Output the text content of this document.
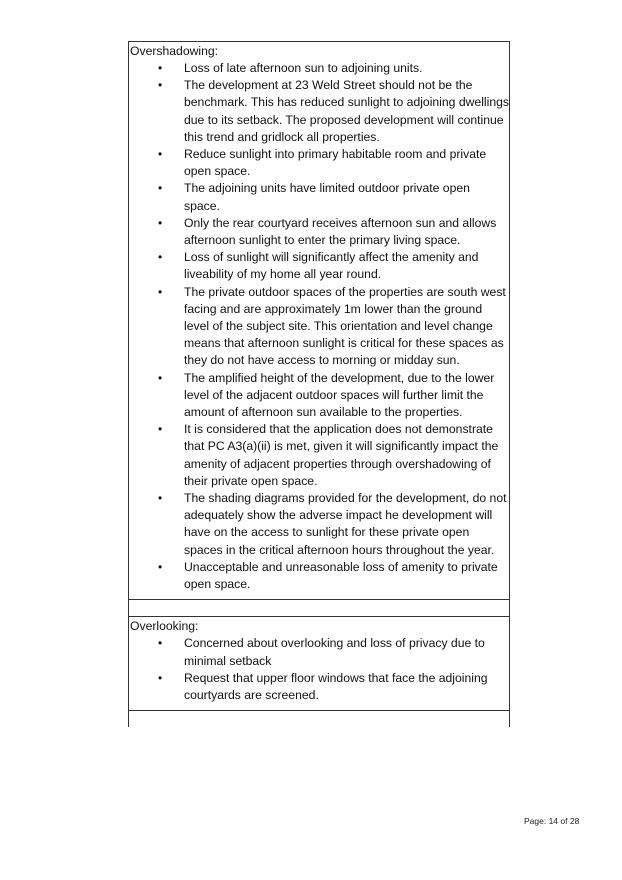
Overshadowing:
• Loss of late afternoon sun to adjoining units.
• The development at 23 Weld Street should not be the benchmark. This has reduced sunlight to adjoining dwellings due to its setback. The proposed development will continue this trend and gridlock all properties.
• Reduce sunlight into primary habitable room and private open space.
• The adjoining units have limited outdoor private open space.
• Only the rear courtyard receives afternoon sun and allows afternoon sunlight to enter the primary living space.
• Loss of sunlight will significantly affect the amenity and liveability of my home all year round.
• The private outdoor spaces of the properties are south west facing and are approximately 1m lower than the ground level of the subject site. This orientation and level change means that afternoon sunlight is critical for these spaces as they do not have access to morning or midday sun.
• The amplified height of the development, due to the lower level of the adjacent outdoor spaces will further limit the amount of afternoon sun available to the properties.
• It is considered that the application does not demonstrate that PC A3(a)(ii) is met, given it will significantly impact the amenity of adjacent properties through overshadowing of their private open space.
• The shading diagrams provided for the development, do not adequately show the adverse impact he development will have on the access to sunlight for these private open spaces in the critical afternoon hours throughout the year.
• Unacceptable and unreasonable loss of amenity to private open space.
Overlooking:
• Concerned about overlooking and loss of privacy due to minimal setback
• Request that upper floor windows that face the adjoining courtyards are screened.
Page: 14 of 28
